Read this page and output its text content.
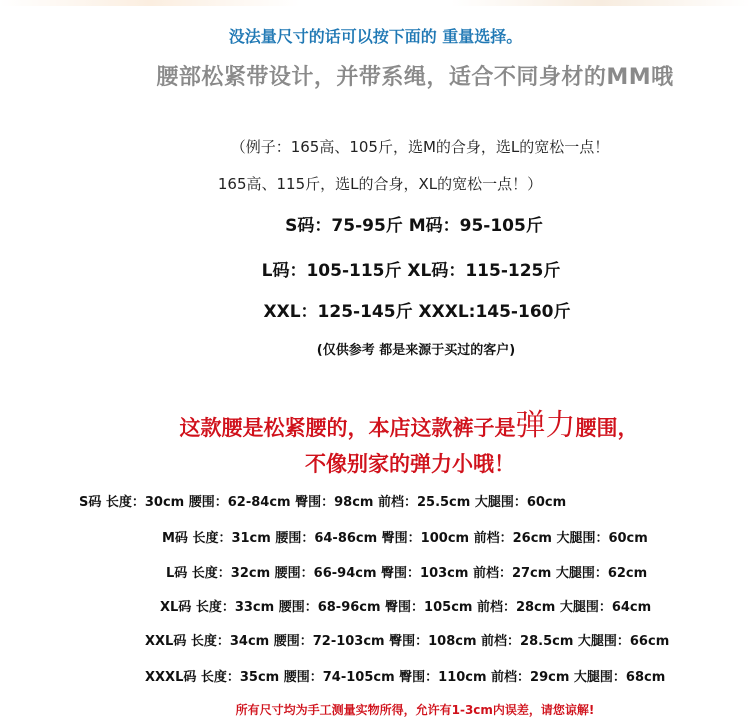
没法量尺寸的话可以按下面的 重量选择。
腰部松紧带设计，并带系绳，适合不同身材的MM哦
（例子：165高、105斤，选M的合身，选L的宽松一点！
165高、115斤，选L的合身，XL的宽松一点！）
S码：75-95斤 M码：95-105斤
L码：105-115斤 XL码：115-125斤
XXL：125-145斤 XXXL:145-160斤
(仅供参考 都是来源于买过的客户)
这款腰是松紧腰的，本店这款裤子是弹力腰围，
不像别家的弹力小哦！
S码 长度：30cm 腰围：62-84cm 臀围：98cm 前档：25.5cm 大腿围：60cm
M码 长度：31cm 腰围：64-86cm 臀围：100cm 前档：26cm 大腿围：60cm
L码 长度：32cm 腰围：66-94cm 臀围：103cm 前档：27cm 大腿围：62cm
XL码 长度：33cm 腰围：68-96cm 臀围：105cm 前档：28cm 大腿围：64cm
XXL码 长度：34cm 腰围：72-103cm 臀围：108cm 前档：28.5cm 大腿围：66cm
XXXL码 长度：35cm 腰围：74-105cm 臀围：110cm 前档：29cm 大腿围：68cm
所有尺寸均为手工测量实物所得，允许有1-3cm内误差，请您谅解!
